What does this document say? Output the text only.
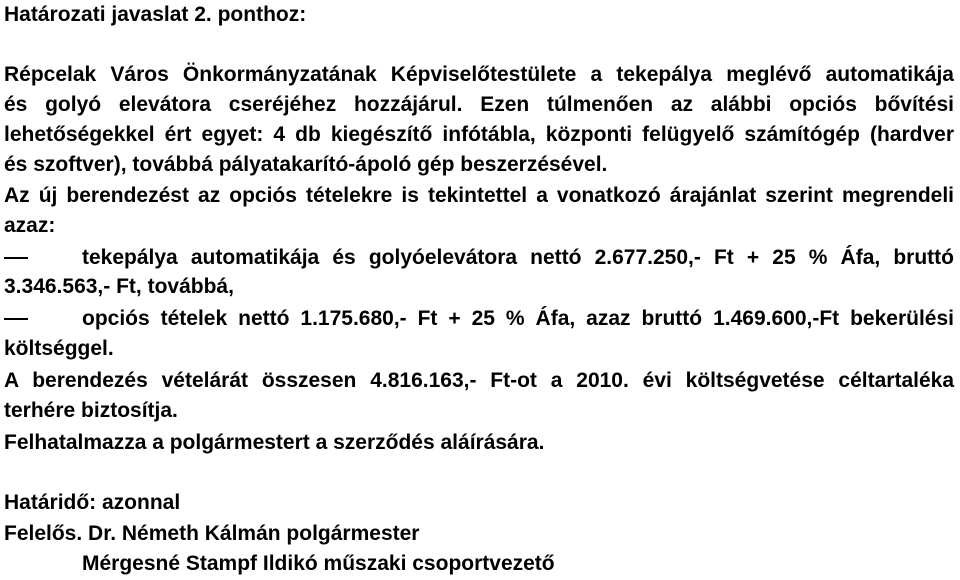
Határozati javaslat 2. ponthoz:
Répcelak Város Önkormányzatának Képviselőtestülete a tekepálya meglévő automatikája
és golyó elevátora cseréjéhez hozzájárul. Ezen túlmenően az alábbi opciós bővítési
lehetőségekkel ért egyet: 4 db kiegészítő infótábla, központi felügyelő számítógép (hardver
és szoftver), továbbá pályatakarító-ápoló gép beszerzésével.
Az új berendezést az opciós tételekre is tekintettel a vonatkozó árajánlat szerint megrendeli
azaz:
tekepálya automatikája és golyóelevátora nettó 2.677.250,- Ft + 25 % Áfa, bruttó
3.346.563,- Ft, továbbá,
opciós tételek nettó 1.175.680,- Ft + 25 % Áfa, azaz bruttó 1.469.600,-Ft bekerülési
költséggel.
A berendezés vételárát összesen 4.816.163,- Ft-ot a 2010. évi költségvetése céltartaléka
terhére biztosítja.
Felhatalmazza a polgármestert a szerződés aláírására.
Határidő: azonnal
Felelős. Dr. Németh Kálmán polgármester
Mérgesné Stampf Ildikó műszaki csoportvezető
